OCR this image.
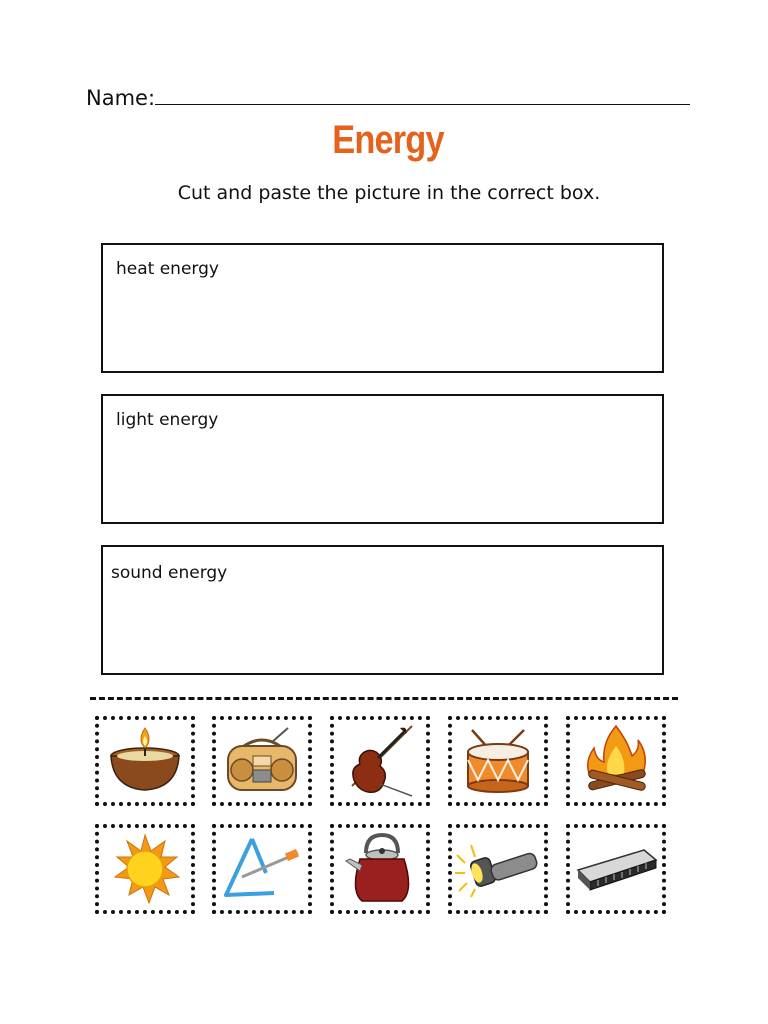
Name:
Energy
Cut and paste the picture in the correct box.
heat energy
light energy
sound energy
